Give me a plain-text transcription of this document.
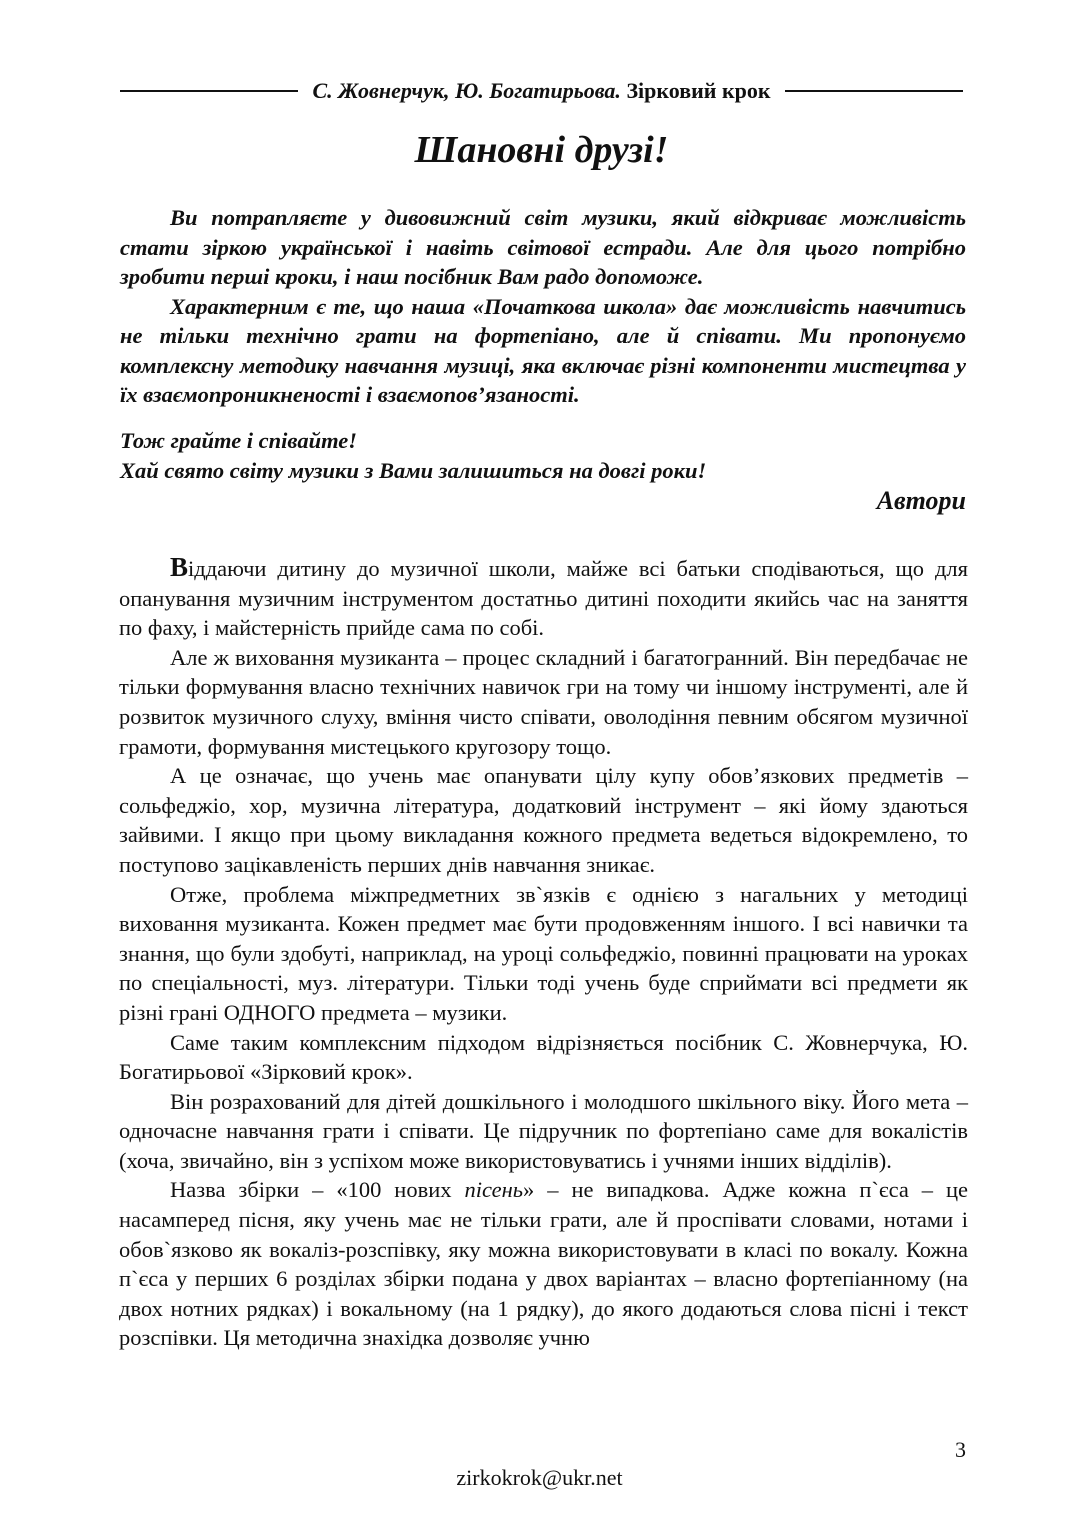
С. Жовнерчук, Ю. Богатирьова. Зірковий крок
Шановні друзі!

Ви потрапляєте у дивовижний світ музики, який відкриває можливість стати зіркою української і навіть світової естради. Але для цього потрібно зробити перші кроки, і наш посібник Вам радо допоможе.

Характерним є те, що наша «Початкова школа» дає можливість навчитись не тільки технічно грати на фортепіано, але й співати. Ми пропонуємо комплексну методику навчання музиці, яка включає різні компоненти мистецтва у їх взаємопроникненості і взаємопов’язаності.

Тож грайте і співайте!

Хай свято світу музики з Вами залишиться на довгі роки!

Автори

Віддаючи дитину до музичної школи, майже всі батьки сподіваються, що для опанування музичним інструментом достатньо дитині походити якийсь час на заняття по фаху, і майстерність прийде сама по собі.

Але ж виховання музиканта – процес складний і багатогранний. Він передбачає не тільки формування власно технічних навичок гри на тому чи іншому інструменті, але й розвиток музичного слуху, вміння чисто співати, оволодіння певним обсягом музичної грамоти, формування мистецького кругозору тощо.

А це означає, що учень має опанувати цілу купу обов’язкових предметів – сольфеджіо, хор, музична література, додатковий інструмент – які йому здаються зайвими. І якщо при цьому викладання кожного предмета ведеться відокремлено, то поступово зацікавленість перших днів навчання зникає.

Отже, проблема міжпредметних зв`язків є однією з нагальних у методиці виховання музиканта. Кожен предмет має бути продовженням іншого. І всі навички та знання, що були здобуті, наприклад, на уроці сольфеджіо, повинні працювати на уроках по спеціальності, муз. літератури. Тільки тоді учень буде сприймати всі предмети як різні грані ОДНОГО предмета – музики.

Саме таким комплексним підходом відрізняється посібник С. Жовнерчука, Ю. Богатирьової «Зірковий крок».

Він розрахований для дітей дошкільного і молодшого шкільного віку. Його мета – одночасне навчання грати і співати. Це підручник по фортепіано саме для вокалістів (хоча, звичайно, він з успіхом може використовуватись і учнями інших відділів).

Назва збірки – «100 нових пісень» – не випадкова. Адже кожна п`єса – це насамперед пісня, яку учень має не тільки грати, але й проспівати словами, нотами і обов`язково як вокаліз-розспівку, яку можна використовувати в класі по вокалу. Кожна п`єса у перших 6 розділах збірки подана у двох варіантах – власно фортепіанному (на двох нотних рядках) і вокальному (на 1 рядку), до якого додаються слова пісні і текст розспівки. Ця методична знахідка дозволяє учню

3
zirkokrok@ukr.net
